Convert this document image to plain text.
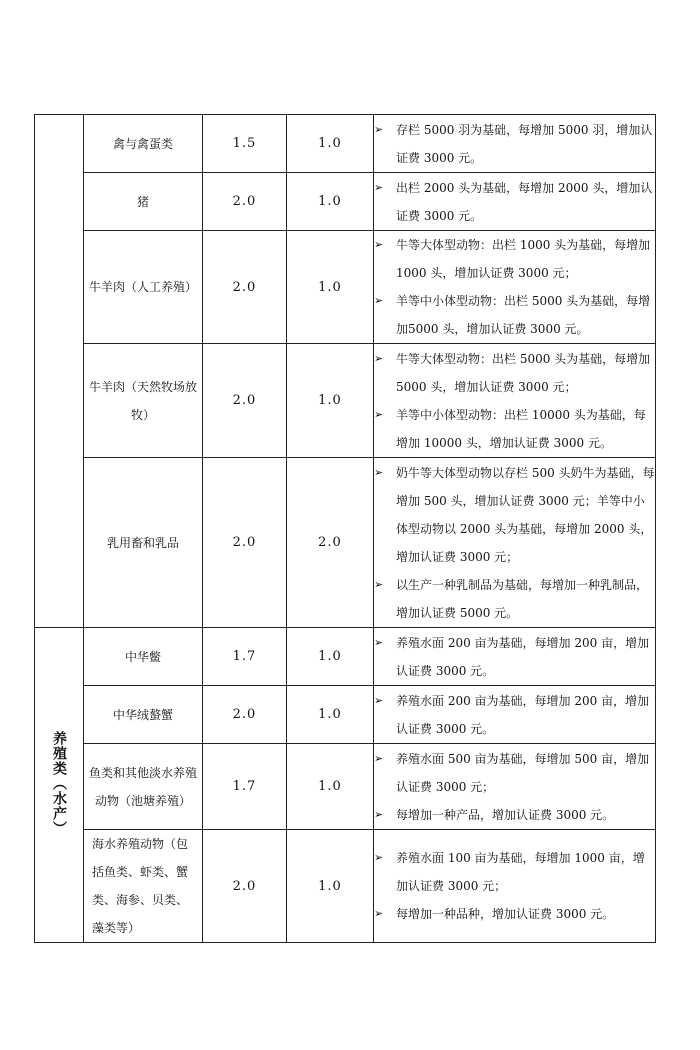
	禽与禽蛋类	1.5	1.0	➢ 存栏 5000 羽为基础，每增加 5000 羽，增加认证费 3000 元。

	猪	2.0	1.0	➢ 出栏 2000 头为基础，每增加 2000 头，增加认证费 3000 元。

	牛羊肉（人工养殖）	2.0	1.0	➢ 牛等大体型动物：出栏 1000 头为基础，每增加 1000 头，增加认证费 3000 元；
➢ 羊等中小体型动物：出栏 5000 头为基础，每增加5000 头，增加认证费 3000 元。

	牛羊肉（天然牧场放牧）	2.0	1.0	➢ 牛等大体型动物：出栏 5000 头为基础，每增加 5000 头，增加认证费 3000 元；
➢ 羊等中小体型动物：出栏 10000 头为基础，每增加 10000 头，增加认证费 3000 元。

	乳用畜和乳品	2.0	2.0	➢ 奶牛等大体型动物以存栏 500 头奶牛为基础，每增加 500 头，增加认证费 3000 元；羊等中小体型动物以 2000 头为基础，每增加 2000 头，增加认证费 3000 元；
➢ 以生产一种乳制品为基础，每增加一种乳制品，增加认证费 5000 元。

养殖类（水产）	中华鳖	1.7	1.0	➢ 养殖水面 200 亩为基础，每增加 200 亩，增加认证费 3000 元。

	中华绒螯蟹	2.0	1.0	➢ 养殖水面 200 亩为基础，每增加 200 亩，增加认证费 3000 元。

	鱼类和其他淡水养殖动物（池塘养殖）	1.7	1.0	➢ 养殖水面 500 亩为基础，每增加 500 亩，增加认证费 3000 元；
➢ 每增加一种产品，增加认证费 3000 元。

	海水养殖动物（包括鱼类、虾类、蟹类、海参、贝类、藻类等）	2.0	1.0	➢ 养殖水面 100 亩为基础，每增加 1000 亩，增加认证费 3000 元；
➢ 每增加一种品种，增加认证费 3000 元。
